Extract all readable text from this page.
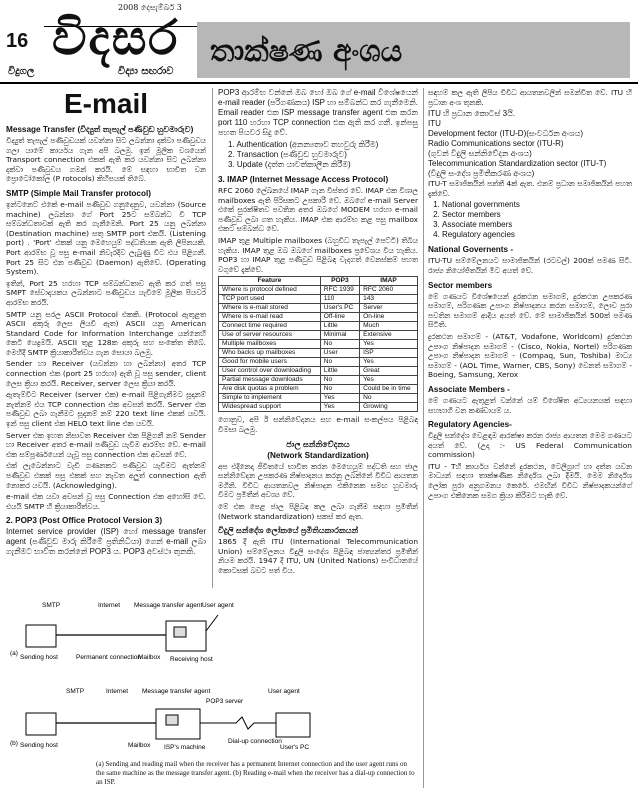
2008 දෙසැම්බර් 3
16
විදුගල
විදසර
විද්‍යා සඟරාව
තාක්ෂණ අංශය
E-mail
Message Transfer (විද්‍යුත් තැපැල් පණිවුඩ හුවමාරුව)

විද්‍යුත් තැපැල් පණිවුඩයක් යවන්නා සිට ලබන්නා දක්වා පණිවුඩය ගලා යාමේ කාර්යය ගැන අපි බලමු. ඉන් මූලික වශයෙන් Transport connection එකක් ඇති කර යවන්නා සිට ලබන්නා දක්වා පණිවුඩය ගමන් කරයි. මේ සඳහා භාවිත වන ප්‍රොටෝකෝල (P rotocols) කිහිපයක් තිබේ.

SMTP (Simple Mail Transfer protocol)

ඉන්ටනෙට් එකේ e-mail පණිවුඩ ගනුදෙනුව, යවන්නා (Source machine) ලබන්නා ගේ Port 25ට සම්බන්ධ වී TCP සම්බන්ධතාවක් ඇති කර ගැනීමෙනි. Port 25 යනු ලබන්නා (Destination machine) සතු SMTP port එකයි. (Listening port) . 'Port' එකක් යනු මෙහෙයුම් පද්ධතියක ඇති ලිපිනයකි. Port ආරම්භ වූ පසු e-mail නිවැරදිව ලැබුණු විට එය පිළිගනී. Port 25 සිට එන පණිවුඩ (Daemon) ඇතිවේ. (Operating System).

ඉතින්, Port 25 හරහා TCP සම්බන්ධතාව ඇති කර ගත් පසු SMPT සේවාදායකය ලබන්නාට පණිවුඩය යැවීමේ මූලික පියවර ආරම්භ කරයි.

SMTP යනු සරල ASCII Protocol එකකි. (Protocol ඇතුළත ASCII අකුරු ලෙස ලියවී ඇත) ASCII යනු American Standard Code for Information Interchange යන්නෙහි කෙටි යෙදුමයි. ASCII තුළ 128ක අකුරු සහ සංකේත තිබේ. මෙහිදී SMTP ක්‍රියාකාරීත්වය ගැන සොයා බලමු.

Sender හා Receiver (යවන්නා හා ලබන්නා) අතර TCP connection එක (port 25 හරහා) ඇති වූ පසු sender, client ලෙස ක්‍රියා කරයි. Receiver, server ලෙස ක්‍රියා කරයි.

ඇතැම්විට Receiver (server එක) e-mail පිළිගැනීමට සූදානම් නැත්නම් එය TCP connection එක අවසන් කරයි. Server එක පණිවුඩ ලබා ගැනීමට සූදානම් නම් 220 text line එකක් යවයි. ඉන් පසු client එක HELO text line එක යවයි.

Server එක ඉහත නිසාවත Receiver එක පිළිගනී නම් Sender හා Receiver අතර e-mail පණිවුඩ යැවීම ආරම්භ වේ. e-mail එක සම්පූර්ණයෙන් යැවූ පසු connection එක අවසන් වේ.

එක් ලැබෙන්නාට වැඩි ගණනකට පණිවුඩ යැවීමට ඇත්නම් පණිවුඩ එකක් පසු එකක් සහ නැවත අලුත් connection ඇති නොකර යවයි. (Acknowledging).

e-mail එක යවා අවසන් වූ පසු Connection එක අහෝසි වේ. එයයි SMTP හි ක්‍රියාකාරීත්වය.

2. POP3 (Post Office Protocol Version 3)

Internet service provider (ISP) හෝ message transfer agent (පණිවුඩ මාරු කිරීමේ ප්‍රතිනිධියා) ගෙන් e-mail ලබා ගැනීමට භාවිත කරන්නේ POP3 ය. POP3 අවස්ථා තුනකි.

POP3 ආරම්භ වන්නේ ඔබ හෝ ඔබ ගේ e-mail විශේෂයෙන් e-mail reader (පරිගණකය) ISP හා සම්බන්ධ කර ගැනීමෙනි. Email reader එක ISP message transfer agent එක කරන port 110 හරහා TCP connection එක ඇති කර ගනී. ඉන්පසු පහත පියවර සිදු වේ.

1. Authentication (අනන්‍යතාව තහවුරු කිරීම)
2. Transaction (පණිවුඩ හුවමාරුව)
3. Update (දත්ත යාවත්කාලීන කිරීම)
3. IMAP (Internet Message Access Protocol)

RFC 2060 ලේඛනයේ IMAP ගැන විස්තර වේ. IMAP එක විශාල mailboxes ඇති පිරිසකට උපකාරී වේ. ඔබගේ e-mail Server එකේ සුරක්ෂිතව පවතින අතර ඔබගේ MODEM හරහා e-mail පණිවුඩ ලබා ගත හැකිය. IMAP එක ආරම්භ කළ පසු mailbox එකට සම්බන්ධ වේ.

IMAP තුළ Multiple mailboxes (බහුවිධ තැපැල් පෙට්ටි) තිබිය හැකිය. IMAP තුළ ඔබ ඔබගේ mailboxes ප්‍රවේශය විය හැකිය. POP3 හා IMAP තුළ පණිවුඩ පිළිබඳ වැදගත් වෙනස්කම් පහත වගුවේ දැක්වේ.

Feature	POP3	IMAP
Where is protocol defined	RFC 1939	RFC 2060
TCP port used	110	143
Where is e-mail stored	User's PC	Server
Where is e-mail read	Off-line	On-line
Connect time required	Little	Much
Use of server resources	Minimal	Extensive
Multiple mailboxes	No	Yes
Who backs up mailboxes	User	ISP
Good for mobile users	No	Yes
User control over downloading	Little	Great
Partial message downloads	No	Yes
Are disk quotas a problem	No	Could be in time
Simple to implement	Yes	No
Widespread support	Yes	Growing

ගොනුව, අපි ඊ සන්නිවේදනය සහ e-mail සංකල්පය පිළිබඳ විමසා බලමු.

ජාල සන්නිවේදනය
(Network Standardization)

අප එදිනෙදා ජීවිතයේ භාවිත කරන මෙහෙයුම් පද්ධති සහ ජාල සන්නිවේදන උපකරණ නිෂ්පාදනය කරනු ලබන්නේ විවිධ ආයතන මගිනි. විවිධ ආයතනවල නිෂ්පාදන එකිනෙක සමඟ හුවමාරු වීමට ප්‍රමිතීන් අවශ්‍ය වේ.

මේ එක පෙළ ජාල පිළිබඳ කල ලබා ගැනීම සඳහා ප්‍රමිතීන් (Network standardization) සකස් කර ඇත.

විදුලි සන්දේශ ලෝකයේ ප්‍රමිතියකාරකයන්

1865 දී ඇති ITU (International Telecommunication Union) සම්මේලනය විදුලි සංදේශ පිළිබඳ ජාත්‍යන්තර ප්‍රමිතීන් නියම කරයි. 1947 දී ITU, UN (United Nations) සංවිධානයේ කොටසක් බවට පත් විය.

සඳහම් කල ඇති ලිපිය විවිධ ආයතනවලින් සමන්විත වේ. ITU හි ප්‍රධාන අංශ තුනකි.

ITU හි ප්‍රධාන කොටස් 3යි.
ITU
Development fector (ITU-D)(සංවර්ධන අංශය)
Radio Communications sector (ITU-R)
(ගුවන් විදුලි සන්නිවේදන අංශය)
Telecommunication Standardization sector (ITU-T)
(විදුලි සංදේශ ප්‍රමිතීකරණ අංශය)

ITU-T සමාජිකයින් පන්තී 4ක් ඇත. එනම් ප්‍රධාන සමාජිකයින් පහත දැක්වේ.

1. National governments
2. Sector members
3. Associate members
4. Regulatory agencies
National Governents -

ITU-TU සම්මේලනයට සාමාජිකයින් (රටවල්) 200ක් පමණ සිටී. රාජ්‍ය නියෝජිතයින් මීට අයත් වේ.

Sector members

මේ ගණයට විශේෂයෙන් දුරකථන සමාගම්, දුරකථන උපකරණ සමාගම්, පරිගණක උපාංග නිෂ්පාදනය කරන සමාගම්, ලොව පුරා පවතින සමාගම් ආදිය අයත් වේ. මේ සාමාජිකයින් 500ක් පමණ සිටිති.

දුරකථන සමාගම් - (AT&T, Vodafone, Worldcom) දුරකථන උපාංග නිෂ්පාදන සමාගම් - (Cisco, Nokia, Nortel) පරිගණක උපාංග නිෂ්පාදන සමාගම් - (Compaq, Sun, Toshiba) මාධ්‍ය සමාගම් - (AOL Time, Warner, CBS, Sony) වෙනත් සමාගම් - Boeing, Samsung, Xerox

Associate Members -

මේ ගණයට ඇතුළත් වන්නේ යම් විශේෂිත අධ්‍යයනයක් සඳහා සහභාගි වන කණ්ඩායම් ය.

Regulatory Agencies-

විදුලි සන්දේශ වෙළඳාම ආරක්ෂා කරන රාජ්‍ය ආයතන මෙම ගණයට අයත් වේ. (උදා :- US Federal Communication commission)

ITU - Tහි කාර්යය වන්නේ දුරකථන, ටෙලිග්‍රාෆ් හා දත්ත යවන මාධ්‍යන් සඳහා තාක්ෂණික නිර්දේශ ලබා දීමයි. මෙම නිර්දේශ ලෝක පුරා අනුගමනය කෙරේ. එමඟින් විවිධ නිෂ්පාදකයන්ගේ උපාංග එකිනෙක සමග ක්‍රියා කිරීමට හැකි වේ.

(a)
SMTP	Internet Message transfer agent User agent
Sending host	Permanent connection
Mailbox Receiving host
(b)
SMTP	Internet Message transfer agent
POP3 server
User agent
Sending host	Mailbox ISP's machine
Dial-up connection
User's PC
(a) Sending and reading mail when the receiver has a permanent Internet connection and the user agent runs on the same machine as the message transfer agent. (b) Reading e-mail when the receiver has a dial-up connection to an ISP.
